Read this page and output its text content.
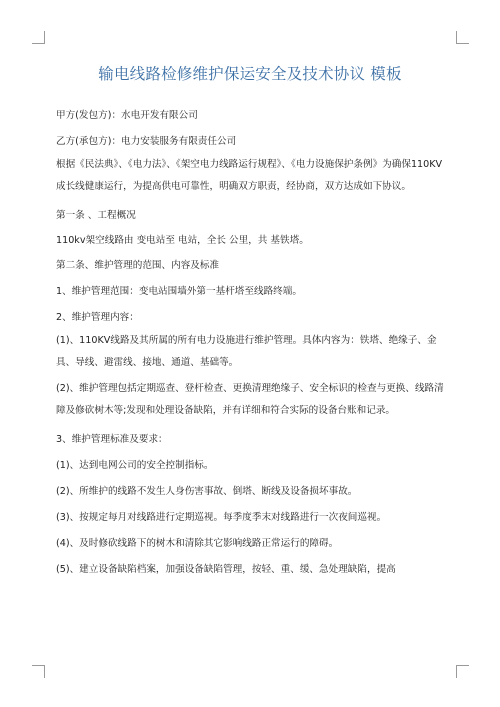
输电线路检修维护保运安全及技术协议 模板
甲方(发包方)：水电开发有限公司
乙方(承包方)：电力安装服务有限责任公司
根据《民法典》、《电力法》、《架空电力线路运行规程》、《电力设施保护条例》为确保110KV成长线健康运行，为提高供电可靠性，明确双方职责，经协商，双方达成如下协议。
第一条 、工程概况
110kv架空线路由 变电站至 电站，全长 公里，共 基铁塔。
第二条、维护管理的范围、内容及标准
1、维护管理范围：变电站围墙外第一基杆塔至线路终端。
2、维护管理内容：
(1)、110KV线路及其所属的所有电力设施进行维护管理。具体内容为：铁塔、绝缘子、金具、导线、避雷线、接地、通道、基础等。
(2)、维护管理包括定期巡查、登杆检查、更换清理绝缘子、安全标识的检查与更换、线路清障及修砍树木等;发现和处理设备缺陷，并有详细和符合实际的设备台账和记录。
3、维护管理标准及要求：
(1)、达到电网公司的安全控制指标。
(2)、所维护的线路不发生人身伤害事故、倒塔、断线及设备损坏事故。
(3)、按规定每月对线路进行定期巡视。每季度季末对线路进行一次夜间巡视。
(4)、及时修砍线路下的树木和清除其它影响线路正常运行的障碍。
(5)、建立设备缺陷档案，加强设备缺陷管理，按轻、重、缓、急处理缺陷，提高
